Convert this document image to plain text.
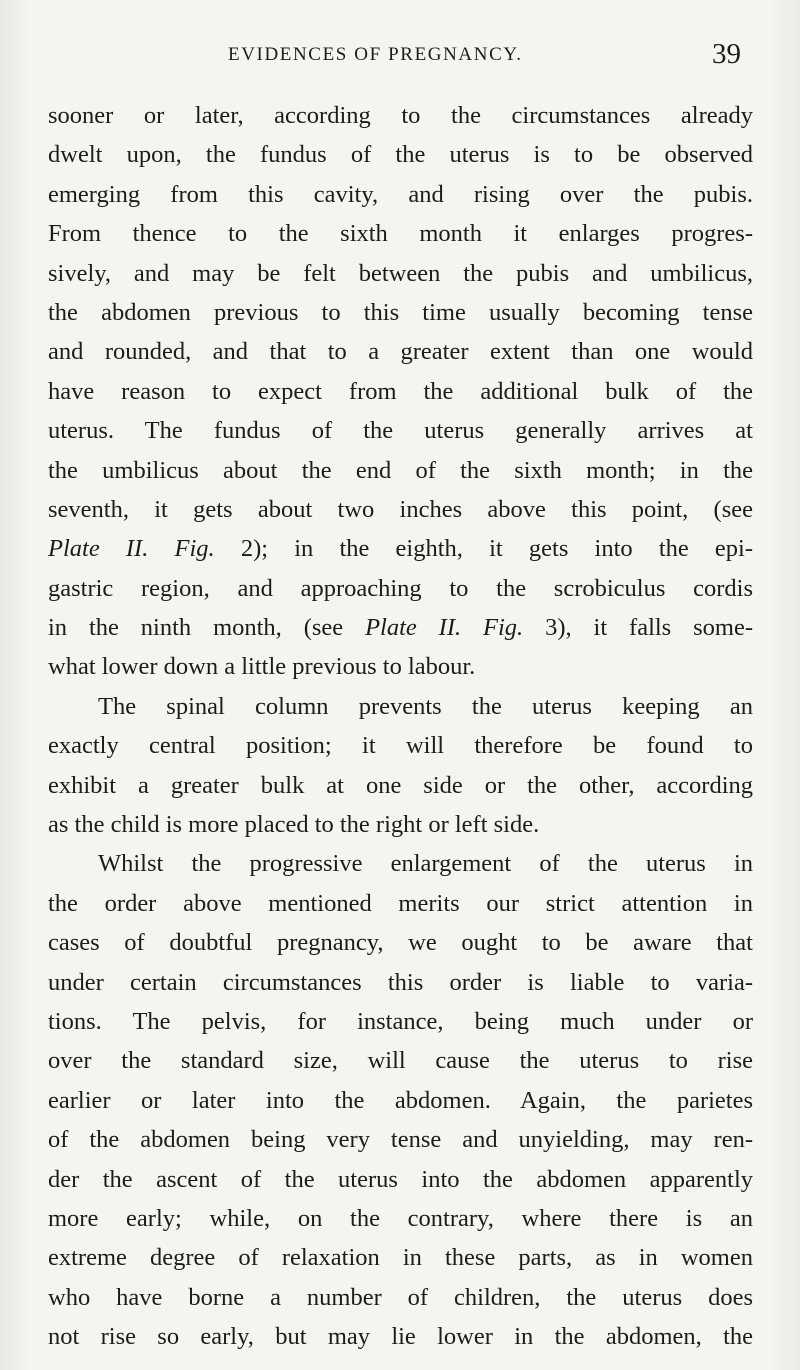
EVIDENCES OF PREGNANCY.	39
sooner or later, according to the circumstances already
dwelt upon, the fundus of the uterus is to be observed
emerging from this cavity, and rising over the pubis.
From thence to the sixth month it enlarges progres-
sively, and may be felt between the pubis and umbilicus,
the abdomen previous to this time usually becoming tense
and rounded, and that to a greater extent than one would
have reason to expect from the additional bulk of the
uterus. The fundus of the uterus generally arrives at
the umbilicus about the end of the sixth month; in the
seventh, it gets about two inches above this point, (see
Plate II. Fig. 2); in the eighth, it gets into the epi-
gastric region, and approaching to the scrobiculus cordis
in the ninth month, (see Plate II. Fig. 3), it falls some-
what lower down a little previous to labour.
The spinal column prevents the uterus keeping an
exactly central position; it will therefore be found to
exhibit a greater bulk at one side or the other, according
as the child is more placed to the right or left side.
Whilst the progressive enlargement of the uterus in
the order above mentioned merits our strict attention in
cases of doubtful pregnancy, we ought to be aware that
under certain circumstances this order is liable to varia-
tions. The pelvis, for instance, being much under or
over the standard size, will cause the uterus to rise
earlier or later into the abdomen. Again, the parietes
of the abdomen being very tense and unyielding, may ren-
der the ascent of the uterus into the abdomen apparently
more early; while, on the contrary, where there is an
extreme degree of relaxation in these parts, as in women
who have borne a number of children, the uterus does
not rise so early, but may lie lower in the abdomen, the
